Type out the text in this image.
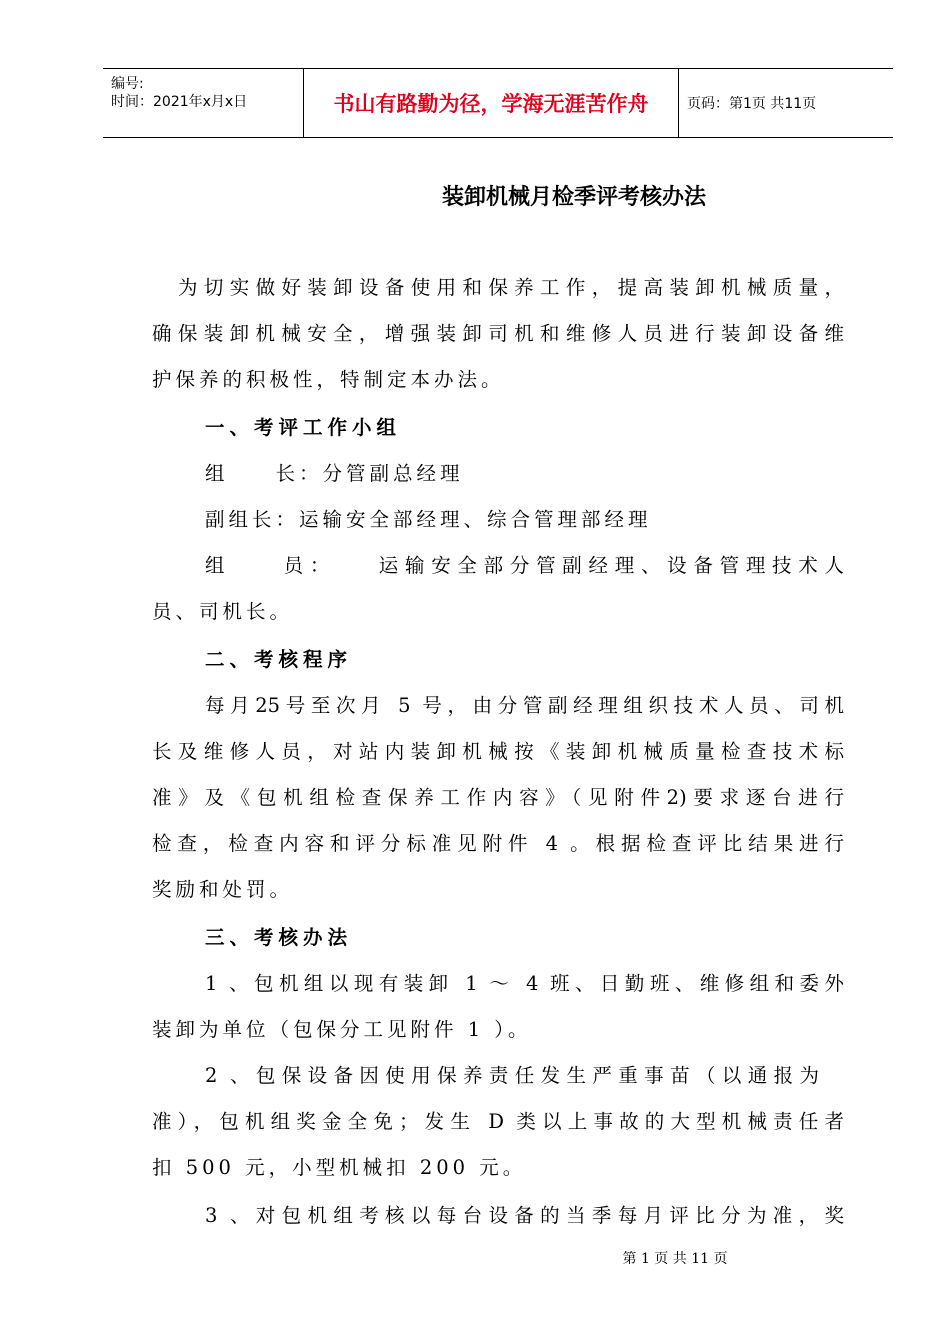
编号:
时间：2021年x月x日	书山有路勤为径，学海无涯苦作舟	页码：第1页 共11页
装卸机械月检季评考核办法
为切实做好装卸设备使用和保养工作，提高装卸机械质量，
确保装卸机械安全，增强装卸司机和维修人员进行装卸设备维
护保养的积极性，特制定本办法。
一、考评工作小组
组　　长：分管副总经理
副组长：运输安全部经理、综合管理部经理
组　　员：　　运输安全部分管副经理、设备管理技术人
员、司机长。
二、考核程序
每月25号至次月 5 号，由分管副经理组织技术人员、司机
长及维修人员，对站内装卸机械按《装卸机械质量检查技术标
准》及《包机组检查保养工作内容》（见附件2)要求逐台进行
检查，检查内容和评分标准见附件 4 。根据检查评比结果进行
奖励和处罚。
三、考核办法
1 、包机组以现有装卸 1 ～ 4 班、日勤班、维修组和委外
装卸为单位（包保分工见附件 1 ）。
2 、包保设备因使用保养责任发生严重事苗（以通报为
准），包机组奖金全免；发生 D 类以上事故的大型机械责任者
扣 500 元，小型机械扣 200 元。
3 、对包机组考核以每台设备的当季每月评比分为准，奖
第 1 页 共 11 页
